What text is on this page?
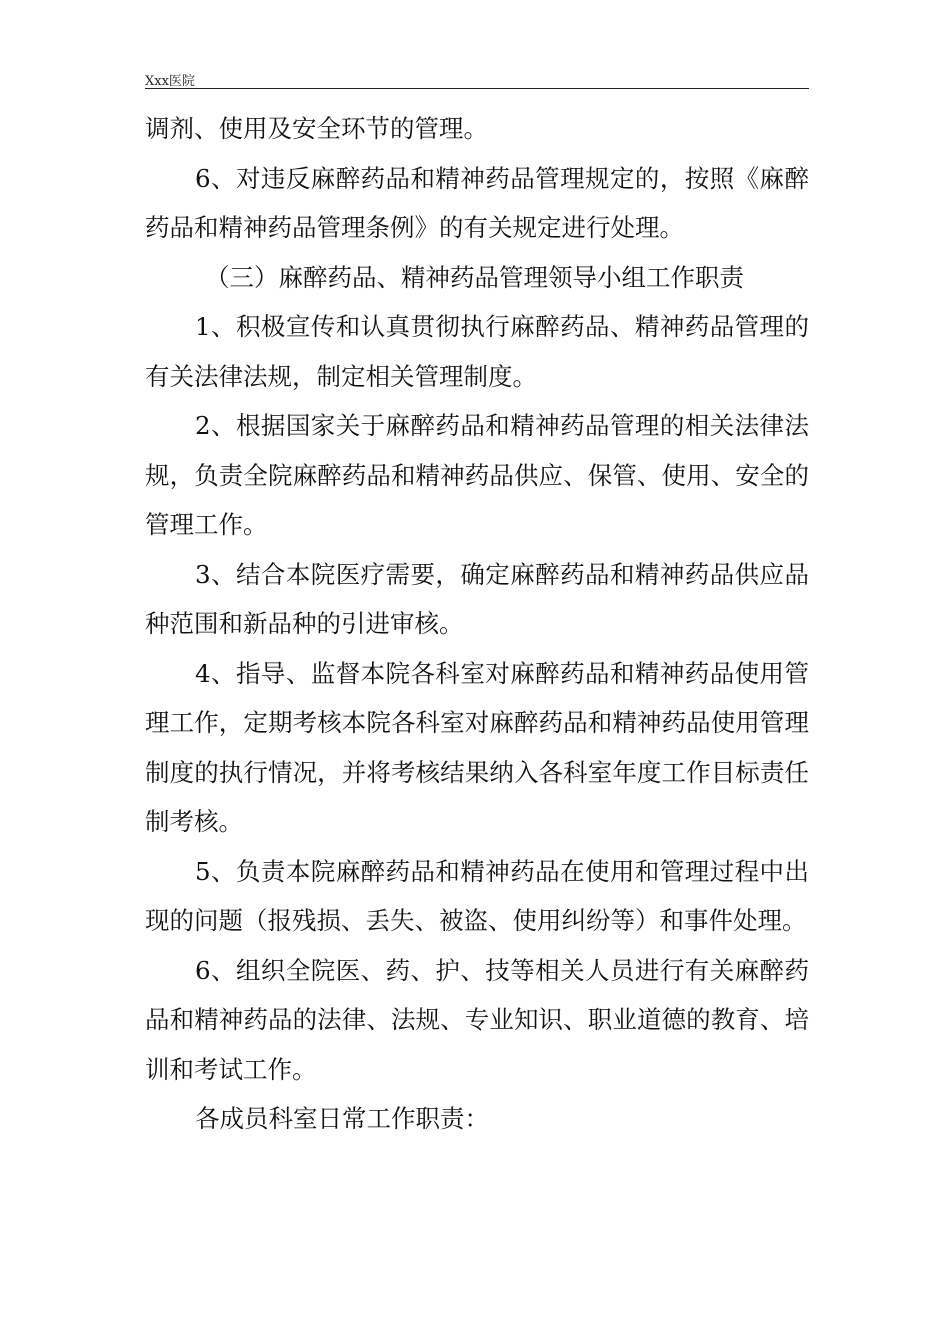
Xxx医院

调剂、使用及安全环节的管理。

6、对违反麻醉药品和精神药品管理规定的，按照《麻醉药品和精神药品管理条例》的有关规定进行处理。

（三）麻醉药品、精神药品管理领导小组工作职责

1、积极宣传和认真贯彻执行麻醉药品、精神药品管理的有关法律法规，制定相关管理制度。

2、根据国家关于麻醉药品和精神药品管理的相关法律法规，负责全院麻醉药品和精神药品供应、保管、使用、安全的管理工作。

3、结合本院医疗需要，确定麻醉药品和精神药品供应品种范围和新品种的引进审核。

4、指导、监督本院各科室对麻醉药品和精神药品使用管理工作，定期考核本院各科室对麻醉药品和精神药品使用管理制度的执行情况，并将考核结果纳入各科室年度工作目标责任制考核。

5、负责本院麻醉药品和精神药品在使用和管理过程中出现的问题（报残损、丢失、被盗、使用纠纷等）和事件处理。

6、组织全院医、药、护、技等相关人员进行有关麻醉药品和精神药品的法律、法规、专业知识、职业道德的教育、培训和考试工作。

各成员科室日常工作职责：
